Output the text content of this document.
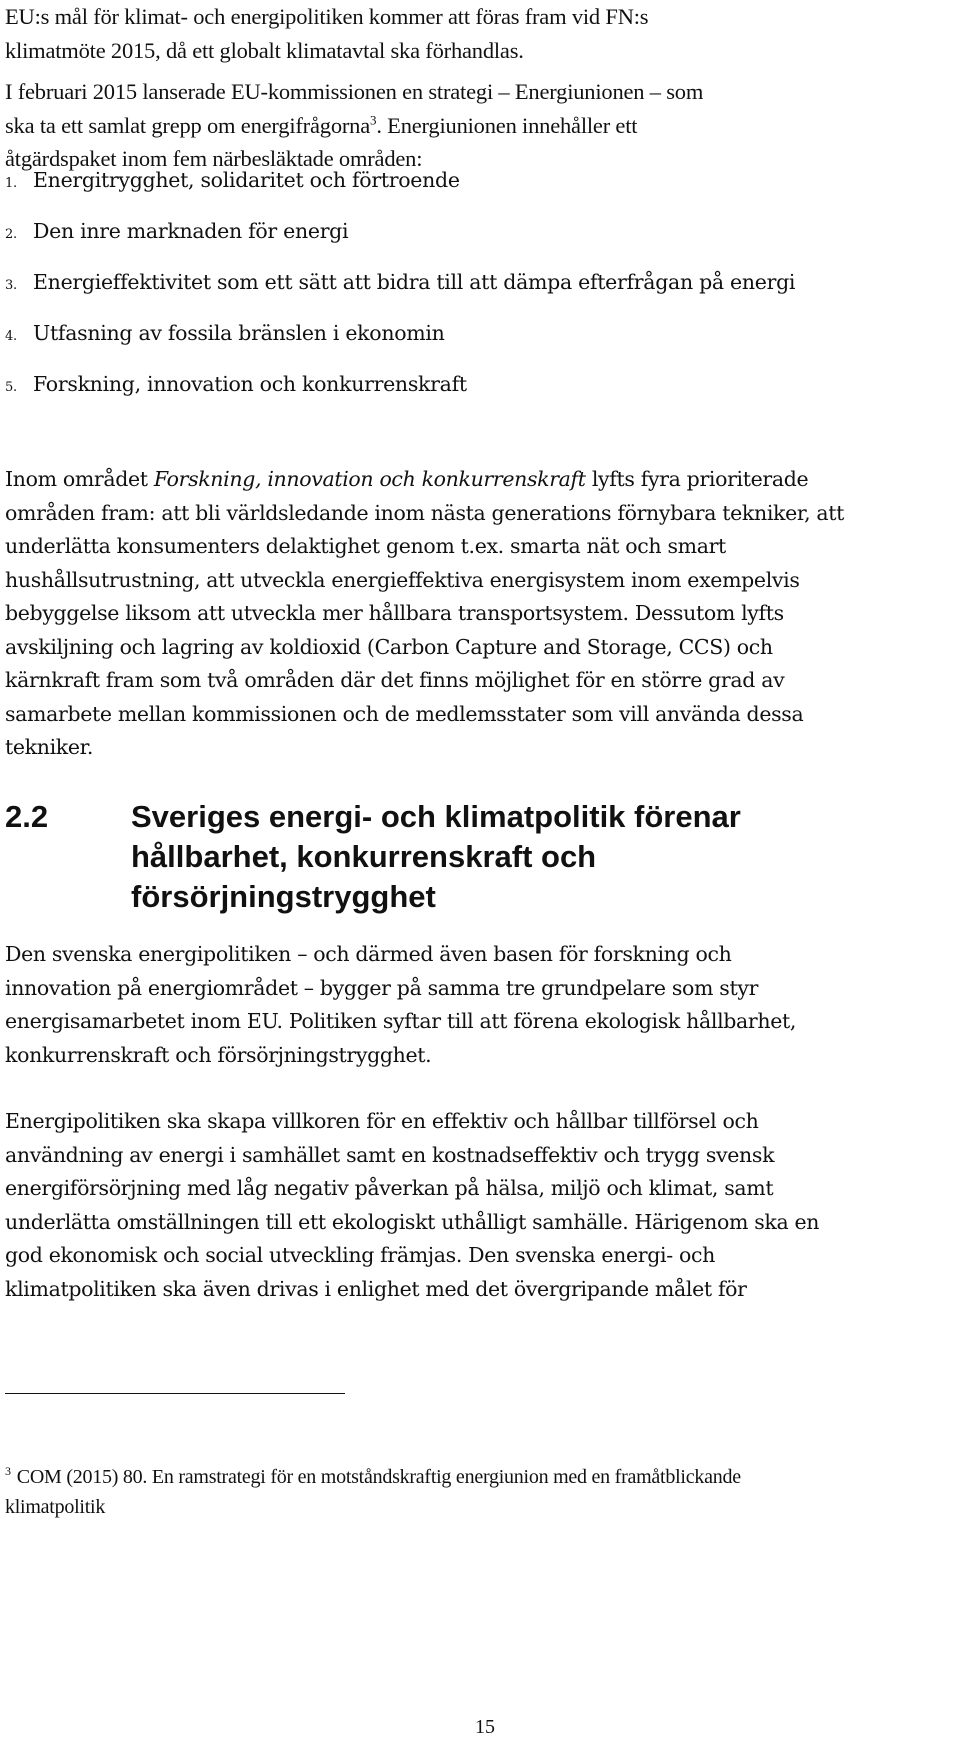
EU:s mål för klimat- och energipolitiken kommer att föras fram vid FN:s
klimatmöte 2015, då ett globalt klimatavtal ska förhandlas.

I februari 2015 lanserade EU-kommissionen en strategi – Energiunionen – som
ska ta ett samlat grepp om energifrågorna$^3$. Energiunionen innehåller ett
åtgärdspaket inom fem närbesläktade områden:

1. Energitrygghet, solidaritet och förtroende
2. Den inre marknaden för energi
3. Energieffektivitet som ett sätt att bidra till att dämpa efterfrågan på energi
4. Utfasning av fossila bränslen i ekonomin
5. Forskning, innovation och konkurrenskraft

Inom området Forskning, innovation och konkurrenskraft lyfts fyra prioriterade
områden fram: att bli världsledande inom nästa generations förnybara tekniker, att
underlätta konsumenters delaktighet genom t.ex. smarta nät och smart
hushållsutrustning, att utveckla energieffektiva energisystem inom exempelvis
bebyggelse liksom att utveckla mer hållbara transportsystem. Dessutom lyfts
avskiljning och lagring av koldioxid (Carbon Capture and Storage, CCS) och
kärnkraft fram som två områden där det finns möjlighet för en större grad av
samarbete mellan kommissionen och de medlemsstater som vill använda dessa
tekniker.

2.2	Sveriges energi- och klimatpolitik förenar
hållbarhet, konkurrenskraft och
försörjningstrygghet

Den svenska energipolitiken – och därmed även basen för forskning och
innovation på energiområdet – bygger på samma tre grundpelare som styr
energisamarbetet inom EU. Politiken syftar till att förena ekologisk hållbarhet,
konkurrenskraft och försörjningstrygghet.

Energipolitiken ska skapa villkoren för en effektiv och hållbar tillförsel och
användning av energi i samhället samt en kostnadseffektiv och trygg svensk
energiförsörjning med låg negativ påverkan på hälsa, miljö och klimat, samt
underlätta omställningen till ett ekologiskt uthålligt samhälle. Härigenom ska en
god ekonomisk och social utveckling främjas. Den svenska energi- och
klimatpolitiken ska även drivas i enlighet med det övergripande målet för

$^3$ COM (2015) 80. En ramstrategi för en motståndskraftig energiunion med en framåtblickande
klimatpolitik

15
